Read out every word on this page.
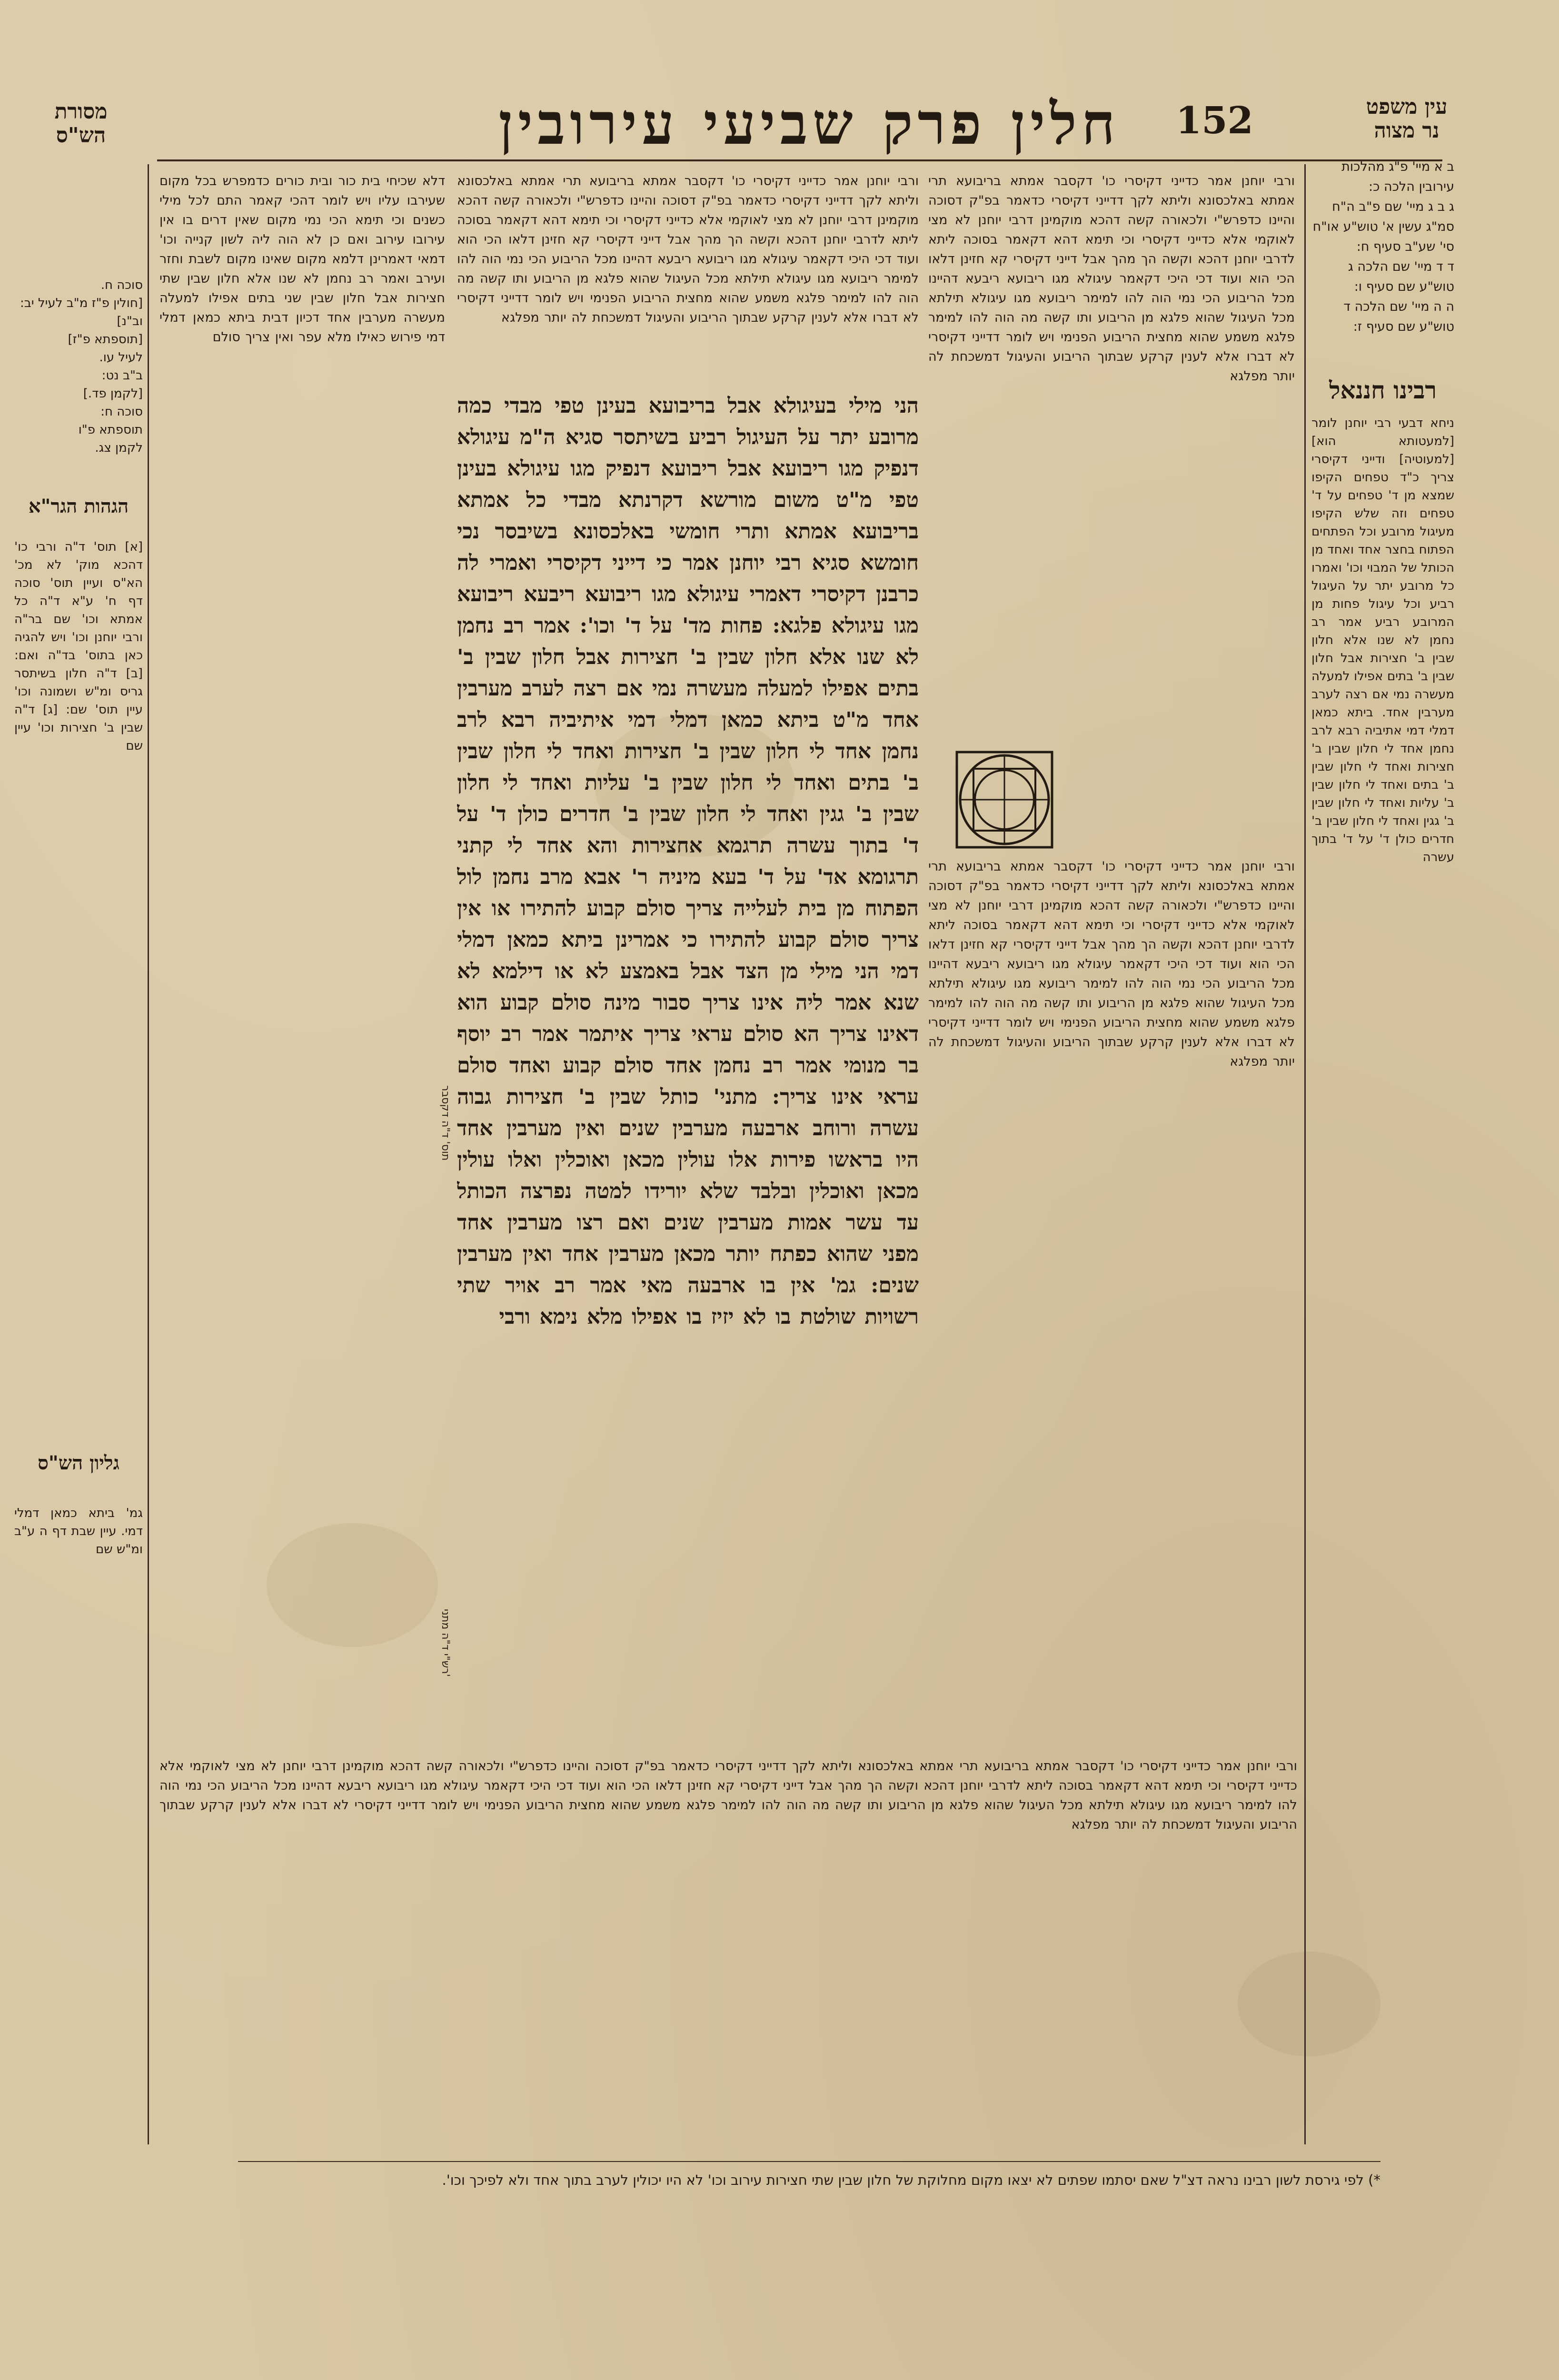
152
חלין פרק שביעי עירובין	עין משפט
נר מצוה
מסורת
הש"ס
ב א מיי' פ"ג מהלכות עירובין הלכה כ:
ג ב ג מיי' שם פ"ב ה"ח סמ"ג עשין א' טוש"ע או"ח סי' שע"ב סעיף ח:
ד ד מיי' שם הלכה ג טוש"ע שם סעיף ו:
ה ה מיי' שם הלכה ד טוש"ע שם סעיף ז:
רבינו חננאל
ניחא דבעי רבי יוחנן לומר [למעטותא הוא] [למעוטיה] ודייני דקיסרי צריך כ"ד טפחים הקיפו שמצא מן ד' טפחים על ד' טפחים וזה שלש הקיפו מעיגול מרובע וכל הפתחים הפתוח בחצר אחד ואחד מן הכותל של המבוי וכו' ואמרו כל מרובע יתר על העיגול רביע וכל עיגול פחות מן המרובע רביע אמר רב נחמן לא שנו אלא חלון שבין ב' חצירות אבל חלון שבין ב' בתים אפילו למעלה מעשרה נמי אם רצה לערב מערבין אחד. ביתא כמאן דמלי דמי אתיביה רבא לרב נחמן אחד לי חלון שבין ב' חצירות ואחד לי חלון שבין ב' בתים ואחד לי חלון שבין ב' עליות ואחד לי חלון שבין ב' גגין ואחד לי חלון שבין ב' חדרים כולן ד' על ד' בתוך עשרה
ורבי יוחנן אמר כדייני דקיסרי כו' דקסבר אמתא בריבועא תרי אמתא באלכסונא וליתא לקך דדייני דקיסרי כדאמר בפ"ק דסוכה והיינו כדפרש"י ולכאורה קשה דהכא מוקמינן דרבי יוחנן לא מצי לאוקמי אלא כדייני דקיסרי וכי תימא דהא דקאמר בסוכה ליתא לדרבי יוחנן דהכא וקשה הך מהך אבל דייני דקיסרי קא חזינן דלאו הכי הוא ועוד דכי היכי דקאמר עיגולא מגו ריבועא ריבעא דהיינו מכל הריבוע הכי נמי הוה להו למימר ריבועא מגו עיגולא תילתא מכל העיגול שהוא פלגא מן הריבוע ותו קשה מה הוה להו למימר פלגא משמע שהוא מחצית הריבוע הפנימי ויש לומר דדייני דקיסרי לא דברו אלא לענין קרקע שבתוך הריבוע והעיגול דמשכחת לה יותר מפלגא
ורבי יוחנן אמר כדייני דקיסרי כו' דקסבר אמתא בריבועא תרי אמתא באלכסונא וליתא לקך דדייני דקיסרי כדאמר בפ"ק דסוכה והיינו כדפרש"י ולכאורה קשה דהכא מוקמינן דרבי יוחנן לא מצי לאוקמי אלא כדייני דקיסרי וכי תימא דהא דקאמר בסוכה ליתא לדרבי יוחנן דהכא וקשה הך מהך אבל דייני דקיסרי קא חזינן דלאו הכי הוא ועוד דכי היכי דקאמר עיגולא מגו ריבועא ריבעא דהיינו מכל הריבוע הכי נמי הוה להו למימר ריבועא מגו עיגולא תילתא מכל העיגול שהוא פלגא מן הריבוע ותו קשה מה הוה להו למימר פלגא משמע שהוא מחצית הריבוע הפנימי ויש לומר דדייני דקיסרי לא דברו אלא לענין קרקע שבתוך הריבוע והעיגול דמשכחת לה יותר מפלגא
הני מילי בעיגולא אבל בריבועא בעינן טפי מבדי כמה מרובע יתר על העיגול רביע בשיתסר סגיא ה"מ עיגולא דנפיק מגו ריבועא אבל ריבועא דנפיק מגו עיגולא בעינן טפי מ"ט משום מורשא דקרנתא מבדי כל אמתא בריבועא אמתא ותרי חומשי באלכסונא בשיבסר נכי חומשא סגיא רבי יוחנן אמר כי דייני דקיסרי ואמרי לה כרבנן דקיסרי דאמרי עיגולא מגו ריבועא ריבעא ריבועא מגו עיגולא פלגא: פחות מד' על ד' וכו': אמר רב נחמן לא שנו אלא חלון שבין ב' חצירות אבל חלון שבין ב' בתים אפילו למעלה מעשרה נמי אם רצה לערב מערבין אחד מ"ט ביתא כמאן דמלי דמי איתיביה רבא לרב נחמן אחד לי חלון שבין ב' חצירות ואחד לי חלון שבין ב' בתים ואחד לי חלון שבין ב' עליות ואחד לי חלון שבין ב' גגין ואחד לי חלון שבין ב' חדרים כולן ד' על ד' בתוך עשרה תרגמא אחצירות והא אחד לי קתני תרגומא אד' על ד' בעא מיניה ר' אבא מרב נחמן לול הפתוח מן בית לעלייה צריך סולם קבוע להתירו או אין צריך סולם קבוע להתירו כי אמרינן ביתא כמאן דמלי דמי הני מילי מן הצד אבל באמצע לא או דילמא לא שנא אמר ליה אינו צריך סבור מינה סולם קבוע הוא דאינו צריך הא סולם עראי צריך איתמר אמר רב יוסף בר מנומי אמר רב נחמן אחד סולם קבוע ואחד סולם עראי אינו צריך: מתני' כותל שבין ב' חצירות גבוה עשרה ורוחב ארבעה מערבין שנים ואין מערבין אחד היו בראשו פירות אלו עולין מכאן ואוכלין ואלו עולין מכאן ואוכלין ובלבד שלא יורידו למטה נפרצה הכותל עד עשר אמות מערבין שנים ואם רצו מערבין אחד מפני שהוא כפתח יותר מכאן מערבין אחד ואין מערבין שנים: גמ' אין בו ארבעה מאי אמר רב אויר שתי רשויות שולטת בו לא יזיז בו אפילו מלא נימא ורבי
תוס' ד"ה דקסבר
רש"י ד"ה מתני'
דלא שכיחי בית כור ובית כורים כדמפרש בכל מקום שעירבו עליו ויש לומר דהכי קאמר התם לכל מילי כשנים וכי תימא הכי נמי מקום שאין דרים בו אין עירובו עירוב ואם כן לא הוה ליה לשון קנייה וכו' דמאי דאמרינן דלמא מקום שאינו מקום לשבת וחזר ועירב ואמר רב נחמן לא שנו אלא חלון שבין שתי חצירות אבל חלון שבין שני בתים אפילו למעלה מעשרה מערבין אחד דכיון דבית ביתא כמאן דמלי דמי פירוש כאילו מלא עפר ואין צריך סולם
ורבי יוחנן אמר כדייני דקיסרי כו' דקסבר אמתא בריבועא תרי אמתא באלכסונא וליתא לקך דדייני דקיסרי כדאמר בפ"ק דסוכה והיינו כדפרש"י ולכאורה קשה דהכא מוקמינן דרבי יוחנן לא מצי לאוקמי אלא כדייני דקיסרי וכי תימא דהא דקאמר בסוכה ליתא לדרבי יוחנן דהכא וקשה הך מהך אבל דייני דקיסרי קא חזינן דלאו הכי הוא ועוד דכי היכי דקאמר עיגולא מגו ריבועא ריבעא דהיינו מכל הריבוע הכי נמי הוה להו למימר ריבועא מגו עיגולא תילתא מכל העיגול שהוא פלגא מן הריבוע ותו קשה מה הוה להו למימר פלגא משמע שהוא מחצית הריבוע הפנימי ויש לומר דדייני דקיסרי לא דברו אלא לענין קרקע שבתוך הריבוע והעיגול דמשכחת לה יותר מפלגא
ורבי יוחנן אמר כדייני דקיסרי כו' דקסבר אמתא בריבועא תרי אמתא באלכסונא וליתא לקך דדייני דקיסרי כדאמר בפ"ק דסוכה והיינו כדפרש"י ולכאורה קשה דהכא מוקמינן דרבי יוחנן לא מצי לאוקמי אלא כדייני דקיסרי וכי תימא דהא דקאמר בסוכה ליתא לדרבי יוחנן דהכא וקשה הך מהך אבל דייני דקיסרי קא חזינן דלאו הכי הוא ועוד דכי היכי דקאמר עיגולא מגו ריבועא ריבעא דהיינו מכל הריבוע הכי נמי הוה להו למימר ריבועא מגו עיגולא תילתא מכל העיגול שהוא פלגא מן הריבוע ותו קשה מה הוה להו למימר פלגא משמע שהוא מחצית הריבוע הפנימי ויש לומר דדייני דקיסרי לא דברו אלא לענין קרקע שבתוך הריבוע והעיגול דמשכחת לה יותר מפלגא
סוכה ח.
[חולין פ"ז מ"ב לעיל יב:
וב"נ]
[תוספתא פ"ז]
לעיל עו.
ב"ב נט:
[לקמן פד.]
סוכה ח:
תוספתא פ"ו
לקמן צג.
הגהות הגר"א
[א] תוס' ד"ה ורבי כו' דהכא מוק' לא מכ' הא"ס ועיין תוס' סוכה דף ח' ע"א ד"ה כל אמתא וכו' שם בר"ה ורבי יוחנן וכו' ויש להגיה כאן בתוס' בד"ה ואם: [ב] ד"ה חלון בשיתסר גריס ומ"ש ושמונה וכו' עיין תוס' שם: [ג] ד"ה שבין ב' חצירות וכו' עיין שם
גליון הש"ס
גמ' ביתא כמאן דמלי דמי. עיין שבת דף ה ע"ב ומ"ש שם
*) לפי גירסת לשון רבינו נראה דצ"ל שאם יסתמו שפתים לא יצאו מקום מחלוקת של חלון שבין שתי חצירות עירוב וכו' לא היו יכולין לערב בתוך אחד ולא לפיכך וכו'.
